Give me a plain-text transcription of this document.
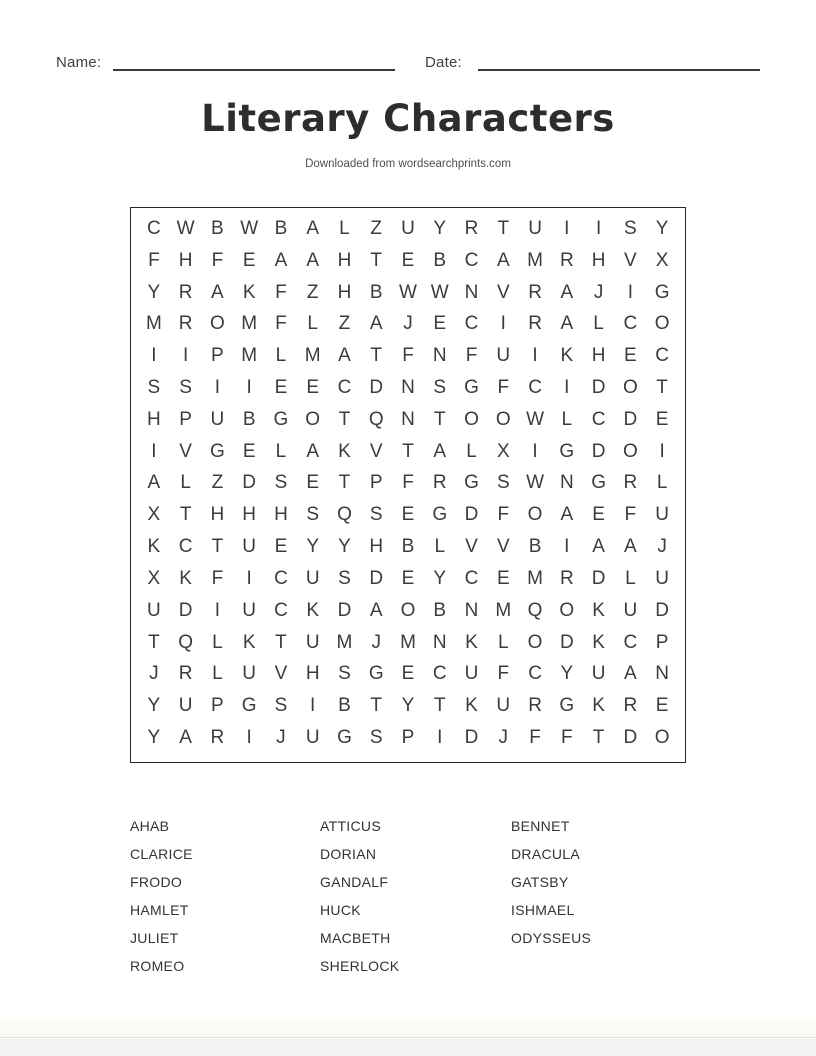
Name:	Date:
Literary Characters
Downloaded from wordsearchprints.com
C W B W B	A	L	Z	U Y R	T	U	I	I	S	Y
F	H	F	E	A	A H	T	E	B C A M R H V	X
Y R A	K	F	Z	H B W W N V R A	J	I	G
M R O M F	L	Z	A	J	E C	I	R A	L	C O
I	I	P M L M A	T	F	N	F	U	I	K H E C
S	S	I	I	E	E C D N S G F	C	I	D O T
H P U B G O T Q N	T O O W L	C D E
I	V G E	L	A	K	V	T	A	L	X	I	G D O	I
A	L	Z	D S	E	T	P	F	R G S W N G R	L
X	T	H H H S Q S	E G D	F O A	E	F	U
K C	T	U E	Y	Y H B	L	V	V	B	I	A	A	J
X	K	F	I	C U S D E	Y C E M R D	L	U
U D	I	U C K D A O B N M Q O K U D
T Q	L	K	T	U M	J	M N K	L	O D K C P
J	R	L	U V H S G E C U	F	C Y U A N
Y U P G S	I	B	T	Y	T	K U R G K R E
Y	A R	I	J	U G S	P	I	D	J	F	F	T	D O
AHAB
CLARICE
FRODO
HAMLET
JULIET
ROMEO
ATTICUS
DORIAN
GANDALF
HUCK
MACBETH
SHERLOCK
BENNET
DRACULA
GATSBY
ISHMAEL
ODYSSEUS
